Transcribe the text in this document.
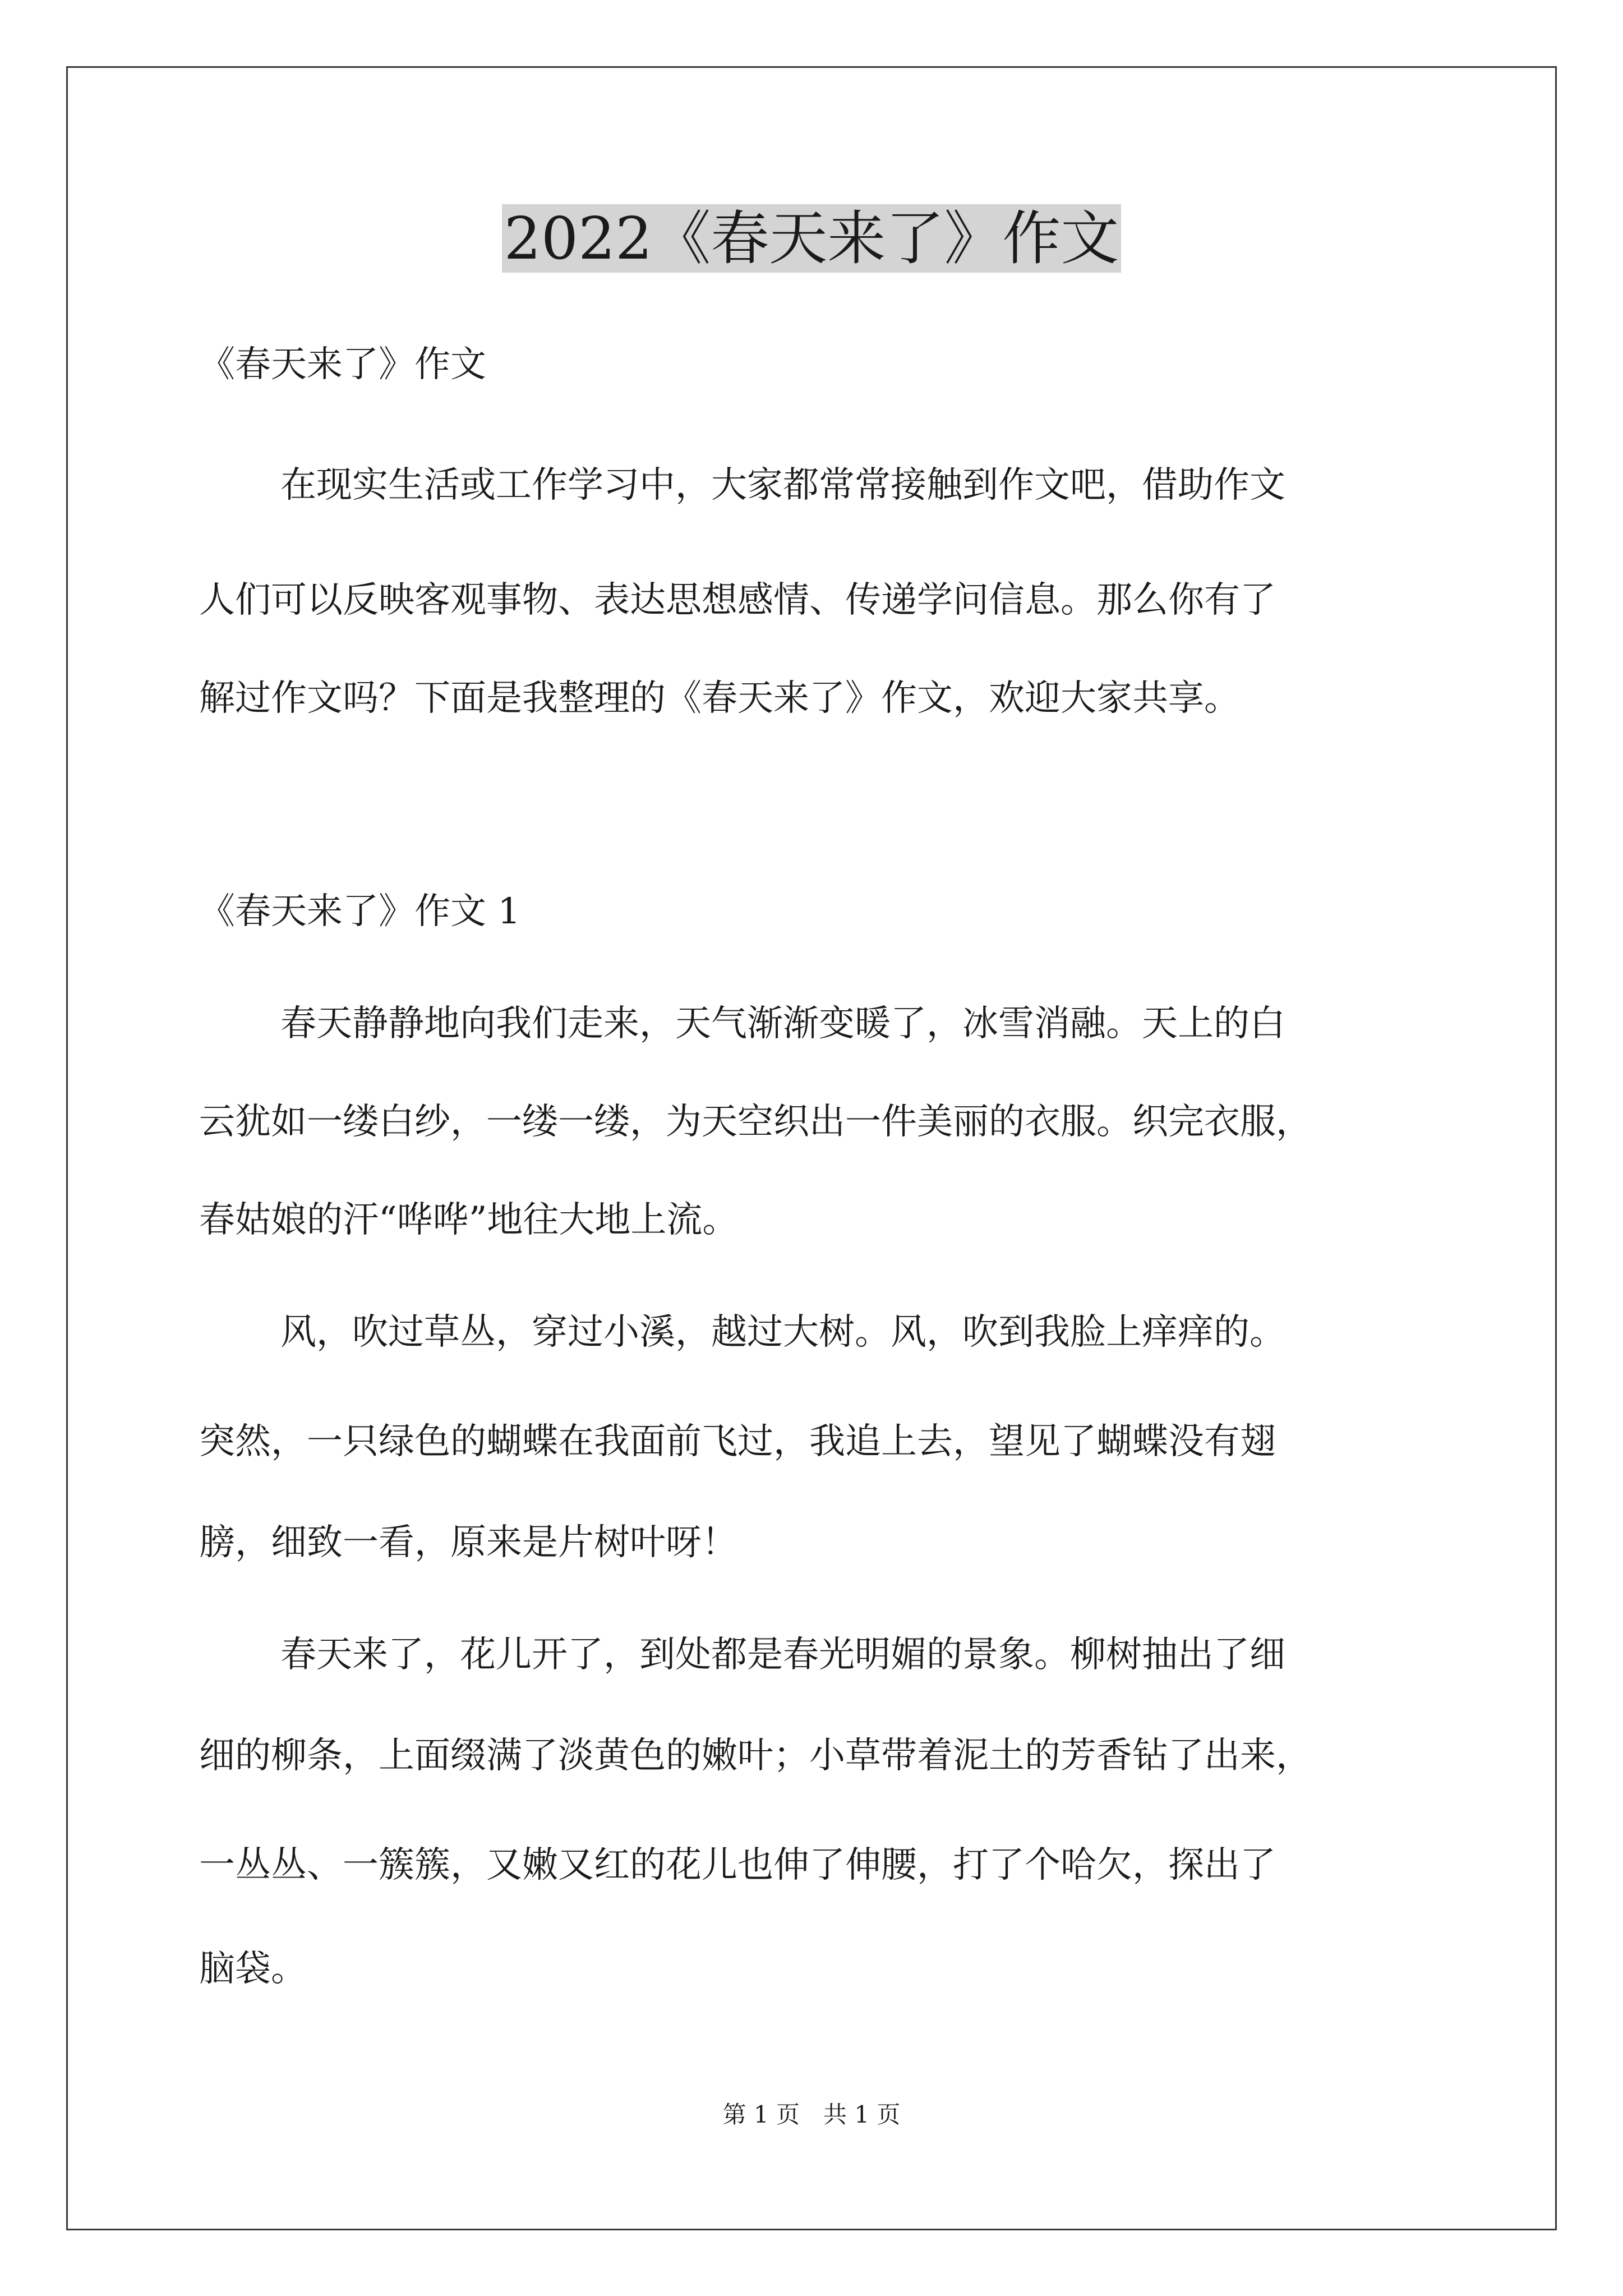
2022《春天来了》作文

《春天来了》作文

在现实生活或工作学习中，大家都常常接触到作文吧，借助作文

人们可以反映客观事物、表达思想感情、传递学问信息。那么你有了

解过作文吗？下面是我整理的《春天来了》作文，欢迎大家共享。

《春天来了》作文 1

春天静静地向我们走来，天气渐渐变暖了，冰雪消融。天上的白

云犹如一缕白纱，一缕一缕，为天空织出一件美丽的衣服。织完衣服，

春姑娘的汗“哗哗”地往大地上流。

风，吹过草丛，穿过小溪，越过大树。风，吹到我脸上痒痒的。

突然，一只绿色的蝴蝶在我面前飞过，我追上去，望见了蝴蝶没有翅

膀，细致一看，原来是片树叶呀！

春天来了，花儿开了，到处都是春光明媚的景象。柳树抽出了细

细的柳条，上面缀满了淡黄色的嫩叶；小草带着泥土的芳香钻了出来，

一丛丛、一簇簇，又嫩又红的花儿也伸了伸腰，打了个哈欠，探出了

脑袋。

第 1 页　共 1 页
